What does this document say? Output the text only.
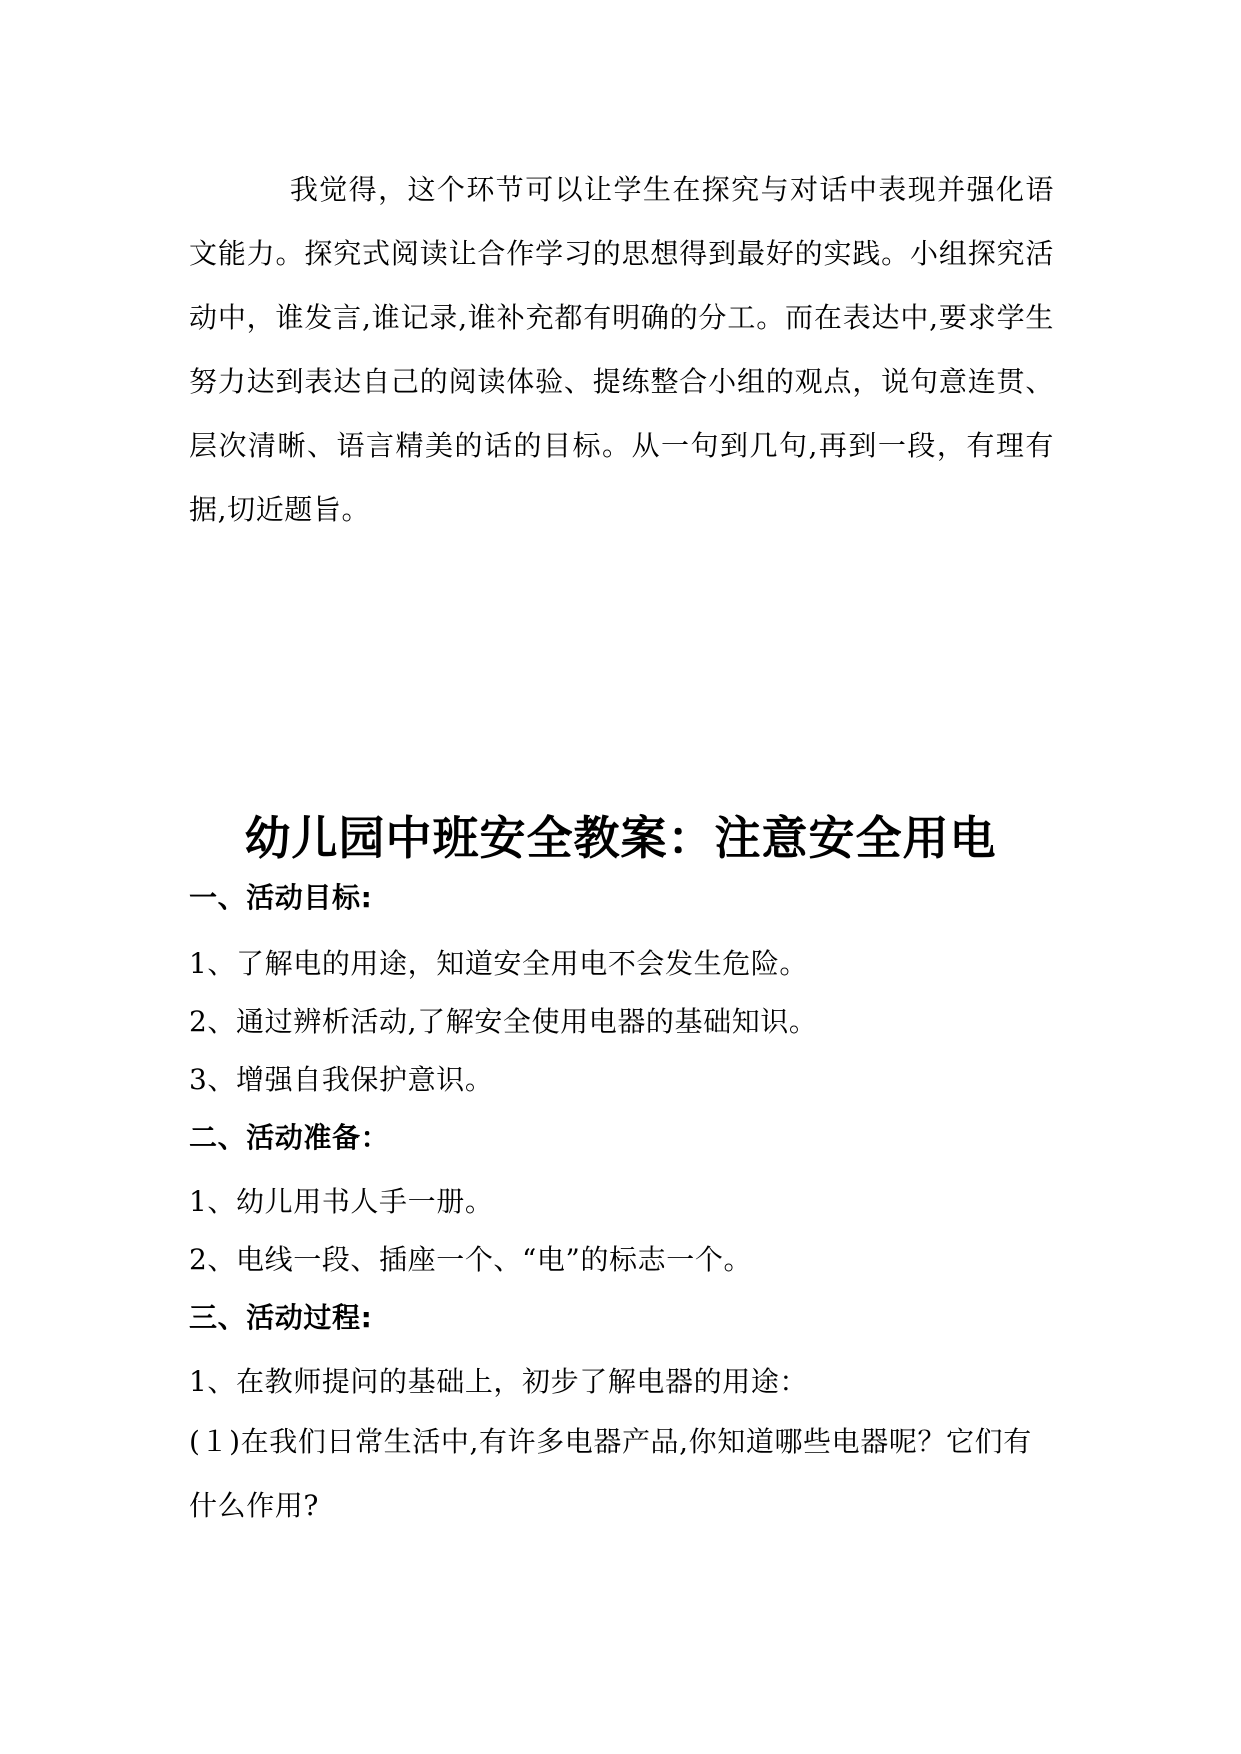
我觉得，这个环节可以让学生在探究与对话中表现并强化语文能力。探究式阅读让合作学习的思想得到最好的实践。小组探究活动中，谁发言,谁记录,谁补充都有明确的分工。而在表达中,要求学生努力达到表达自己的阅读体验、提练整合小组的观点，说句意连贯、层次清晰、语言精美的话的目标。从一句到几句,再到一段，有理有据,切近题旨。

幼儿园中班安全教案：注意安全用电

一、活动目标:

1、了解电的用途，知道安全用电不会发生危险。

2、通过辨析活动,了解安全使用电器的基础知识。

3、增强自我保护意识。

二、活动准备：

1、幼儿用书人手一册。

2、电线一段、插座一个、“电”的标志一个。

三、活动过程:

1、在教师提问的基础上，初步了解电器的用途：

(１)在我们日常生活中,有许多电器产品,你知道哪些电器呢？它们有

什么作用?
